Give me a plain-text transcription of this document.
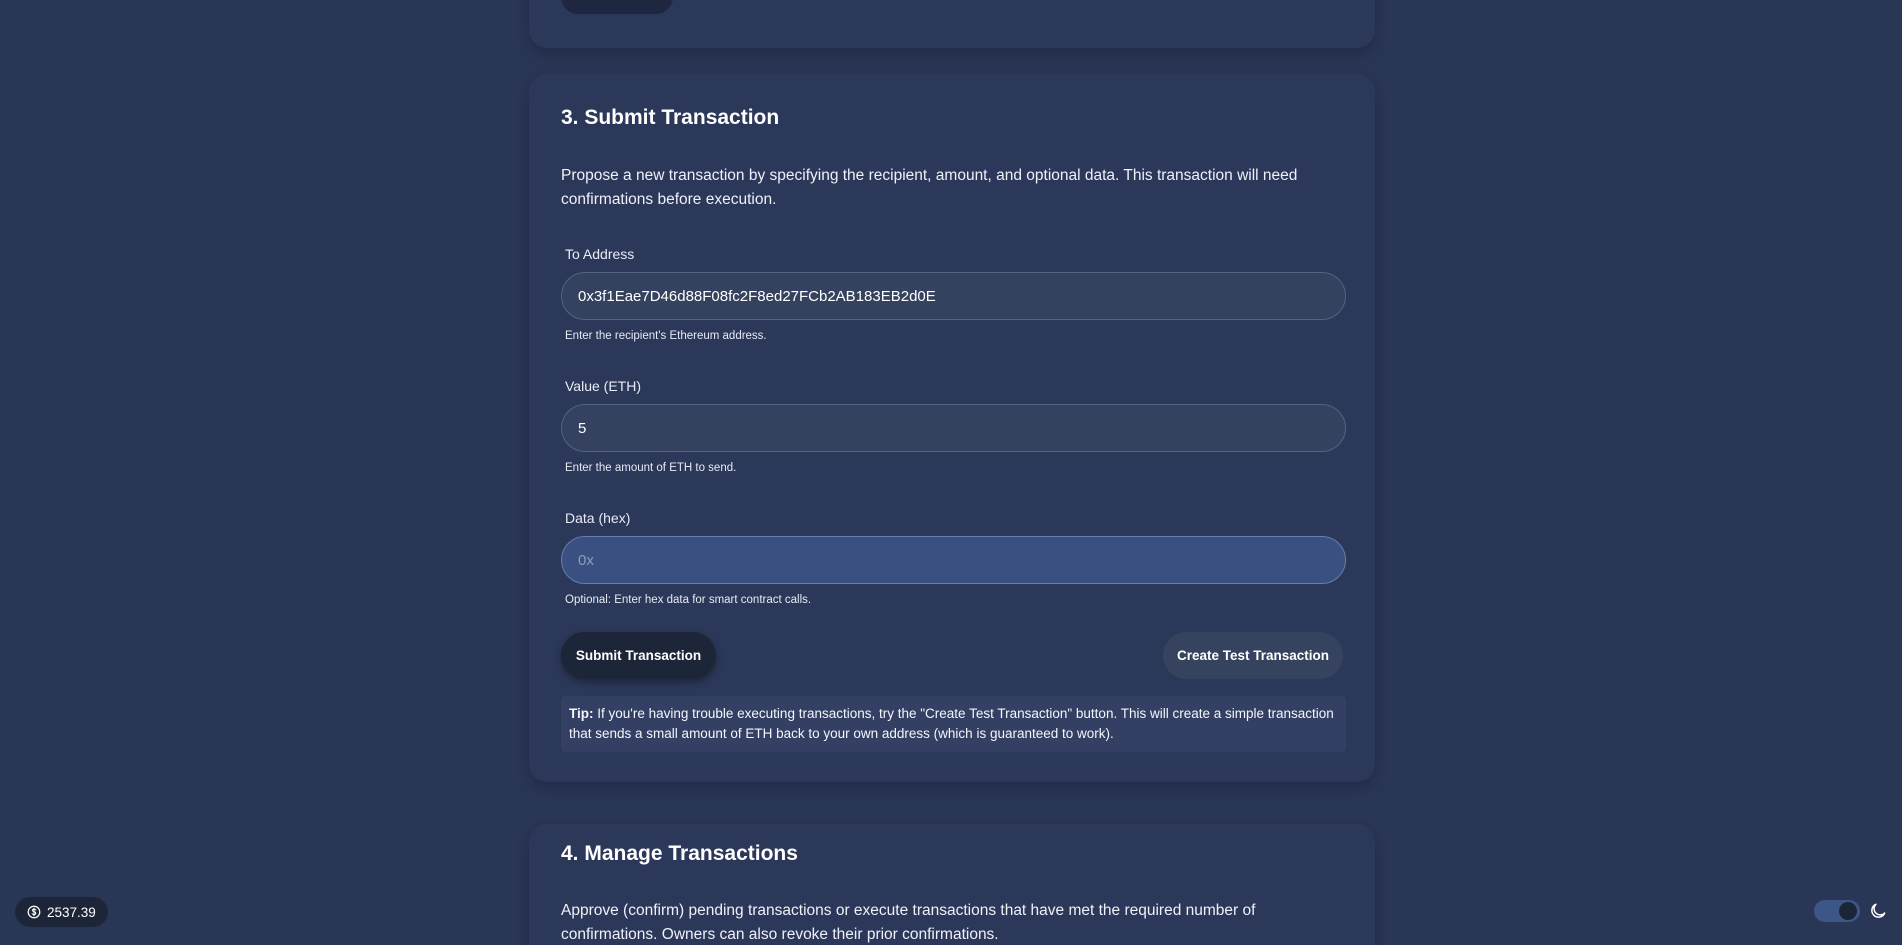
3. Submit Transaction

Propose a new transaction by specifying the recipient, amount, and optional data. This transaction will need confirmations before execution.

To Address
0x3f1Eae7D46d88F08fc2F8ed27FCb2AB183EB2d0E
Enter the recipient's Ethereum address.
Value (ETH)
5
Enter the amount of ETH to send.
Data (hex)
0x
Optional: Enter hex data for smart contract calls.
Submit Transaction	Create Test Transaction
Tip: If you're having trouble executing transactions, try the "Create Test Transaction" button. This will create a simple transaction that sends a small amount of ETH back to your own address (which is guaranteed to work).
4. Manage Transactions

Approve (confirm) pending transactions or execute transactions that have met the required number of confirmations. Owners can also revoke their prior confirmations.

2537.39
